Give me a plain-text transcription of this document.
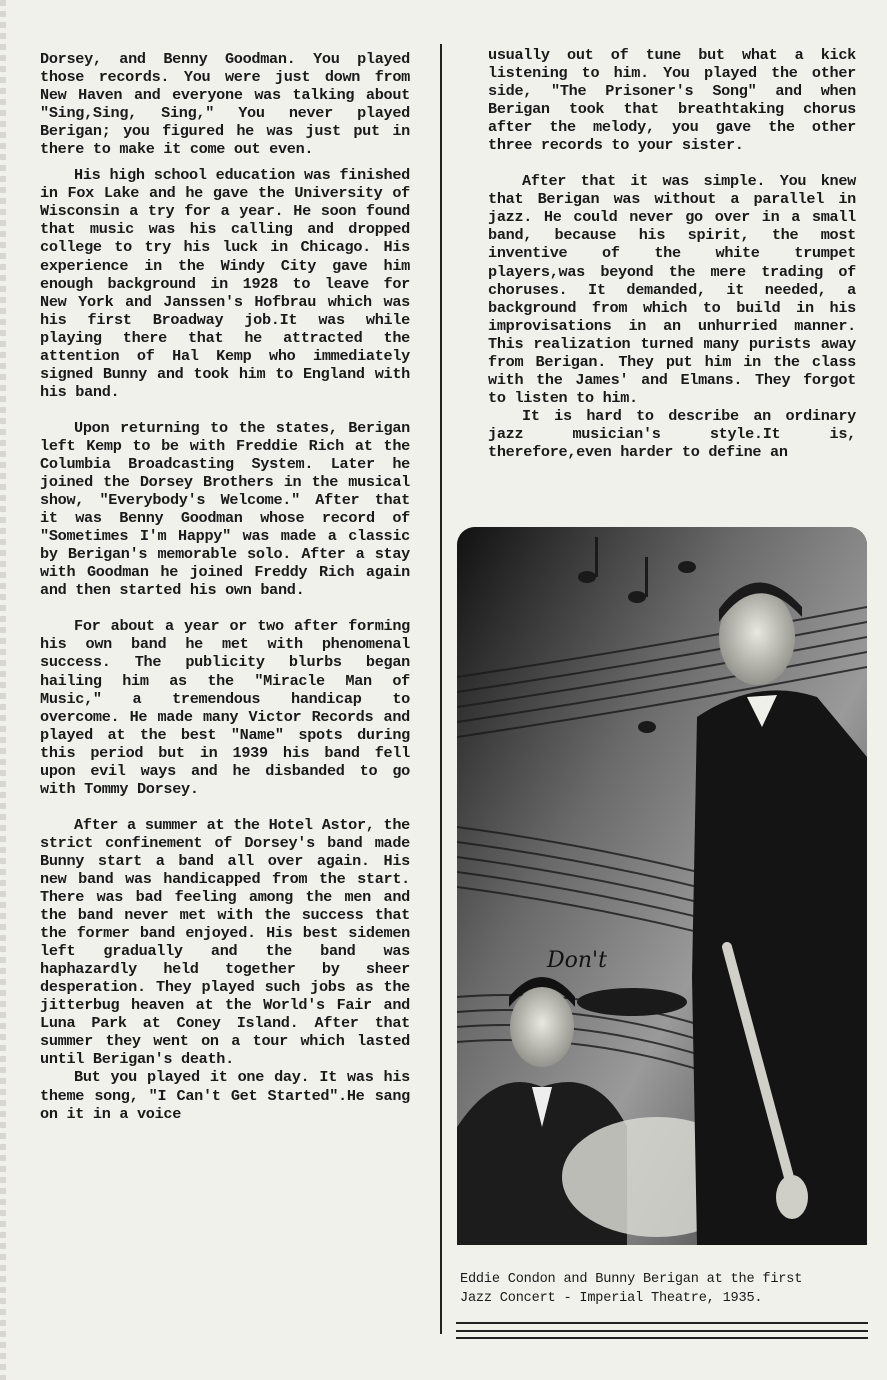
Dorsey, and Benny Goodman. You played those records. You were just down from New Haven and everyone was talking about "Sing,Sing, Sing," You never played Berigan; you figured he was just put in there to make it come out even.

His high school education was finished in Fox Lake and he gave the University of Wisconsin a try for a year. He soon found that music was his calling and dropped college to try his luck in Chicago. His experience in the Windy City gave him enough background in 1928 to leave for New York and Janssen's Hofbrau which was his first Broadway job.It was while playing there that he attracted the attention of Hal Kemp who immediately signed Bunny and took him to England with his band.

Upon returning to the states, Berigan left Kemp to be with Freddie Rich at the Columbia Broadcasting System. Later he joined the Dorsey Brothers in the musical show, "Everybody's Welcome." After that it was Benny Goodman whose record of "Sometimes I'm Happy" was made a classic by Berigan's memorable solo. After a stay with Goodman he joined Freddy Rich again and then started his own band.

For about a year or two after forming his own band he met with phenomenal success. The publicity blurbs began hailing him as the "Miracle Man of Music," a tremendous handicap to overcome. He made many Victor Records and played at the best "Name" spots during this period but in 1939 his band fell upon evil ways and he disbanded to go with Tommy Dorsey.

After a summer at the Hotel Astor, the strict confinement of Dorsey's band made Bunny start a band all over again. His new band was handicapped from the start. There was bad feeling among the men and the band never met with the success that the former band enjoyed. His best sidemen left gradually and the band was haphazardly held together by sheer desperation. They played such jobs as the jitterbug heaven at the World's Fair and Luna Park at Coney Island. After that summer they went on a tour which lasted until Berigan's death.

But you played it one day. It was his theme song, "I Can't Get Started".He sang on it in a voice

usually out of tune but what a kick listening to him. You played the other side, "The Prisoner's Song" and when Berigan took that breathtaking chorus after the melody, you gave the other three records to your sister.

After that it was simple. You knew that Berigan was without a parallel in jazz. He could never go over in a small band, because his spirit, the most inventive of the white trumpet players,was beyond the mere trading of choruses. It demanded, it needed, a background from which to build in his improvisations in an unhurried manner. This realization turned many purists away from Berigan. They put him in the class with the James' and Elmans. They forgot to listen to him.

It is hard to describe an ordinary jazz musician's style.It is, therefore,even harder to define an

Don't
Eddie Condon and Bunny Berigan at the first
Jazz Concert - Imperial Theatre, 1935.
